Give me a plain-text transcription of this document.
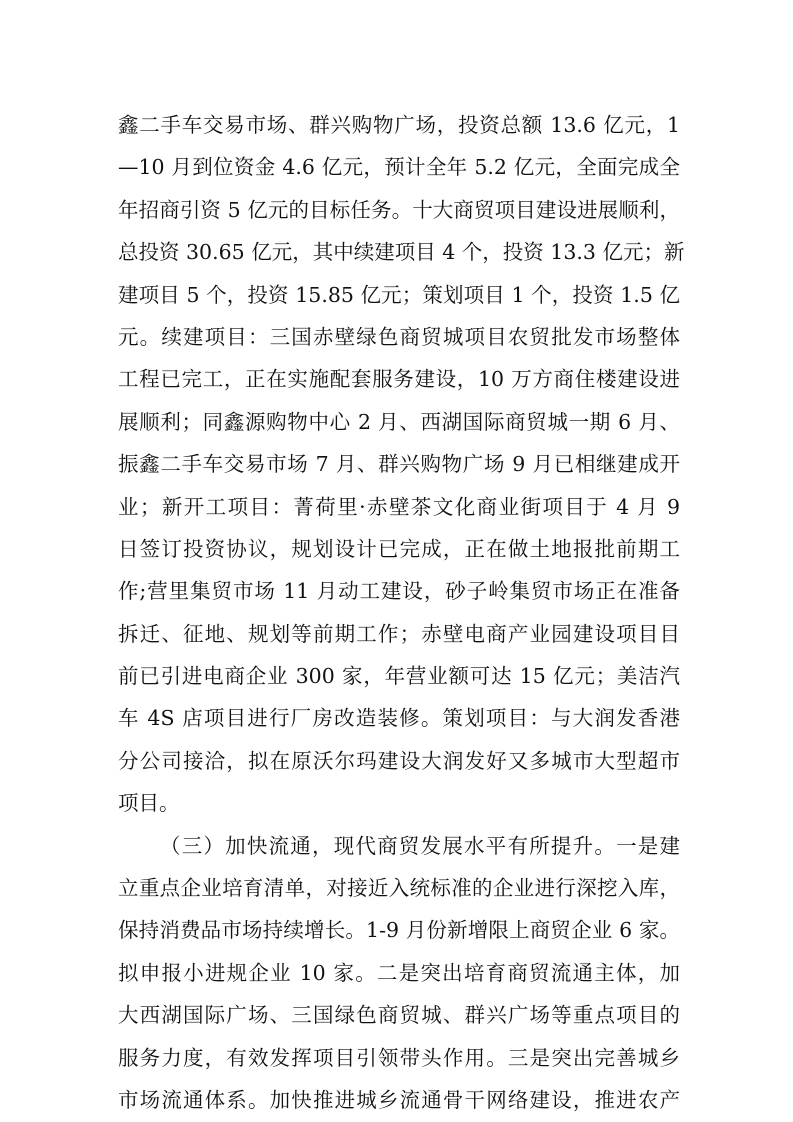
鑫二手车交易市场、群兴购物广场，投资总额 13.6 亿元，1
—10 月到位资金 4.6 亿元，预计全年 5.2 亿元，全面完成全
年招商引资 5 亿元的目标任务。十大商贸项目建设进展顺利，
总投资 30.65 亿元，其中续建项目 4 个，投资 13.3 亿元；新
建项目 5 个，投资 15.85 亿元；策划项目 1 个，投资 1.5 亿
元。续建项目：三国赤壁绿色商贸城项目农贸批发市场整体
工程已完工，正在实施配套服务建设，10 万方商住楼建设进
展顺利；同鑫源购物中心 2 月、西湖国际商贸城一期 6 月、
振鑫二手车交易市场 7 月、群兴购物广场 9 月已相继建成开
业；新开工项目：菁荷里·赤壁茶文化商业街项目于 4 月 9
日签订投资协议，规划设计已完成，正在做土地报批前期工
作;营里集贸市场 11 月动工建设，砂子岭集贸市场正在准备
拆迁、征地、规划等前期工作；赤壁电商产业园建设项目目
前已引进电商企业 300 家，年营业额可达 15 亿元；美洁汽
车 4S 店项目进行厂房改造装修。策划项目：与大润发香港
分公司接洽，拟在原沃尔玛建设大润发好又多城市大型超市
项目。
（三）加快流通，现代商贸发展水平有所提升。一是建
立重点企业培育清单，对接近入统标准的企业进行深挖入库，
保持消费品市场持续增长。1-9 月份新增限上商贸企业 6 家。
拟申报小进规企业 10 家。二是突出培育商贸流通主体，加
大西湖国际广场、三国绿色商贸城、群兴广场等重点项目的
服务力度，有效发挥项目引领带头作用。三是突出完善城乡
市场流通体系。加快推进城乡流通骨干网络建设，推进农产
